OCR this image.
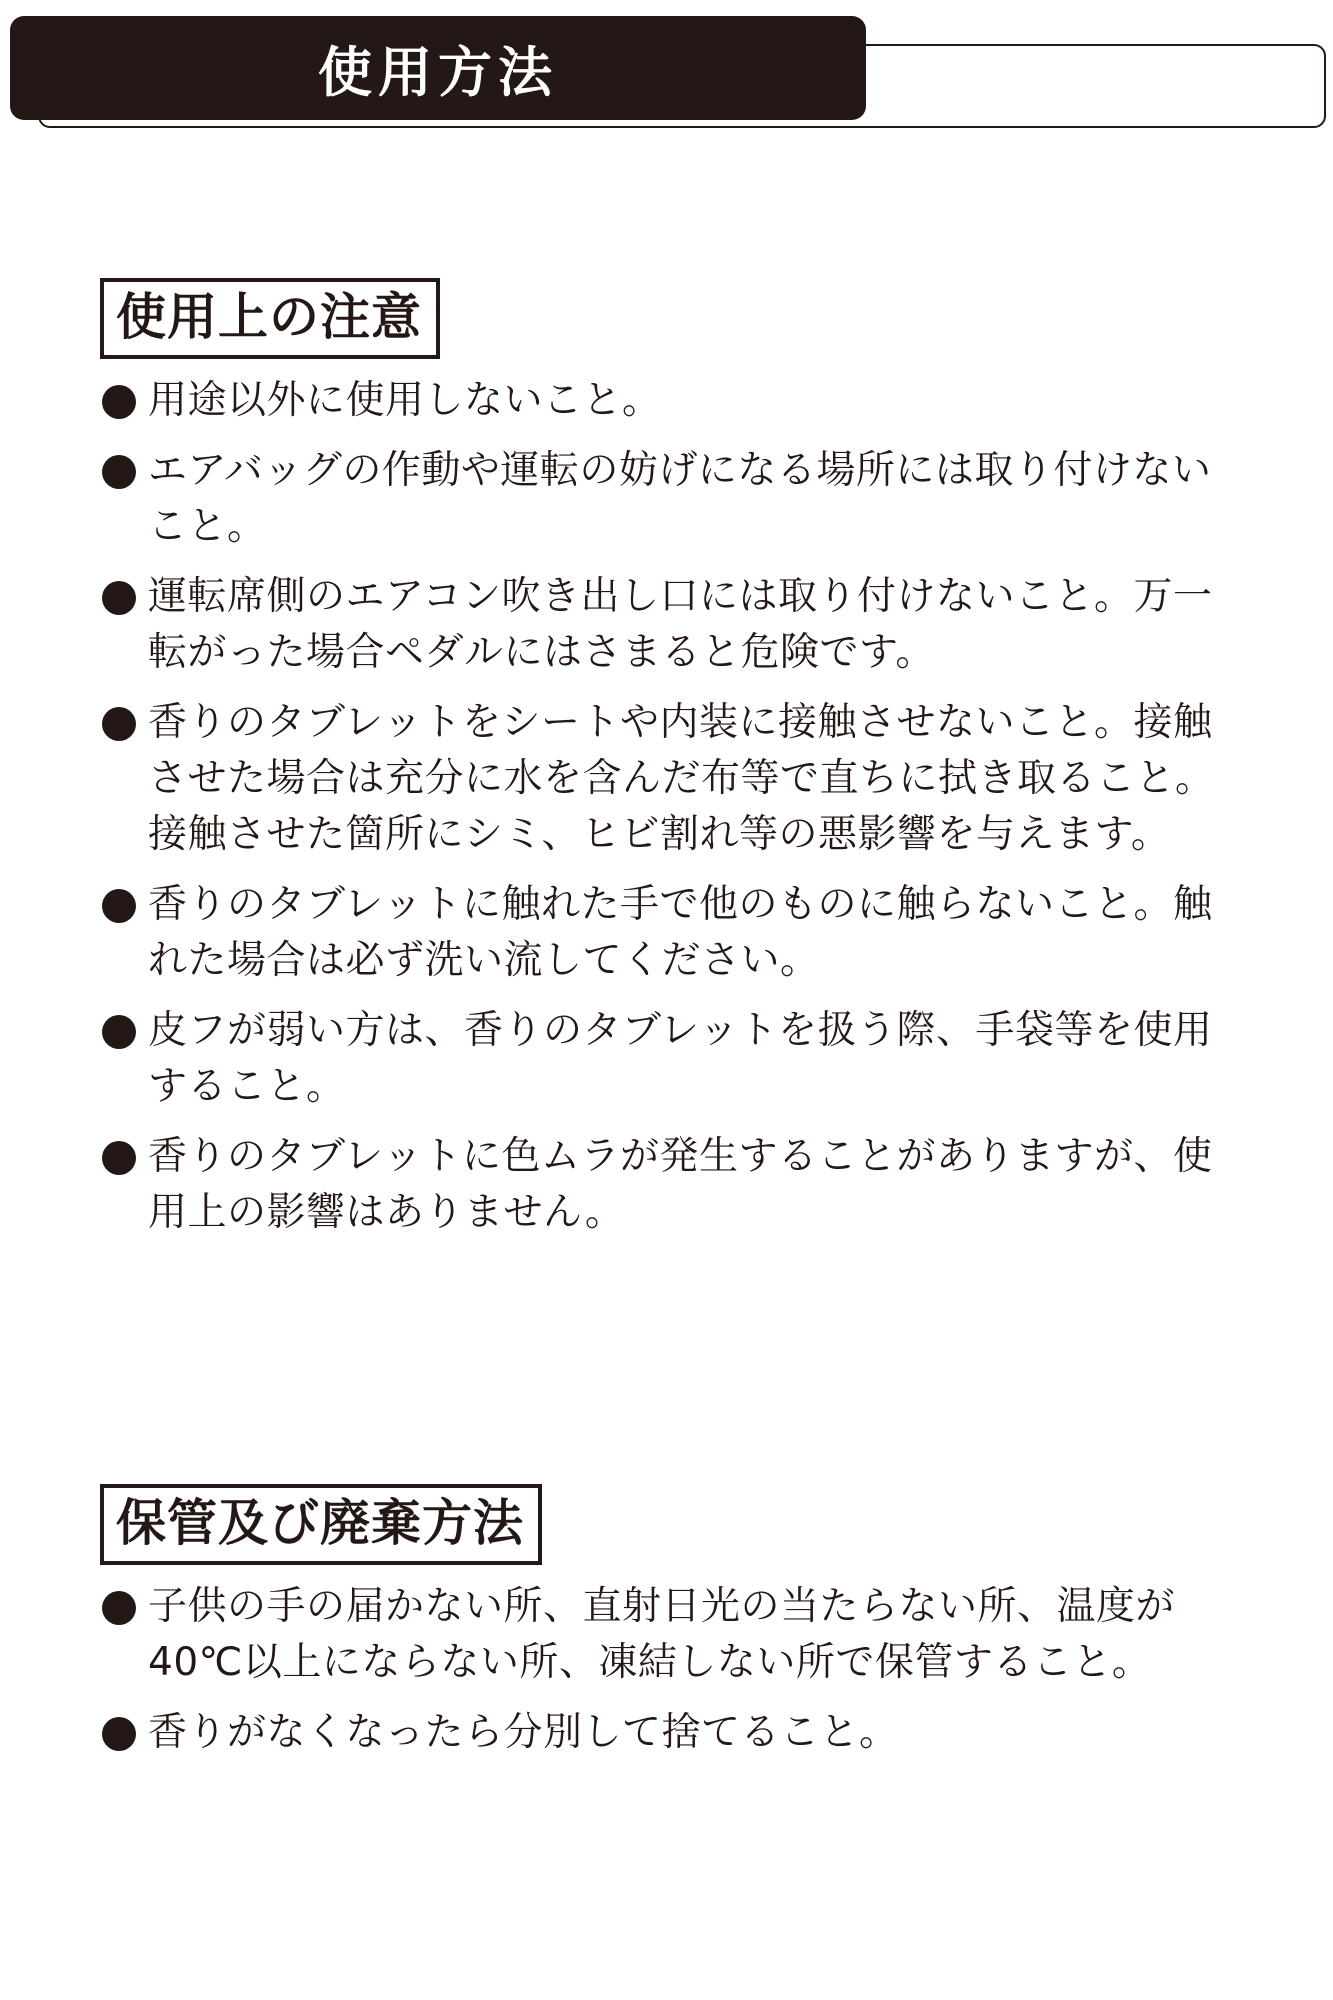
使用方法
使用上の注意
用途以外に使用しないこと。
エアバッグの作動や運転の妨げになる場所には取り付けないこと。
運転席側のエアコン吹き出し口には取り付けないこと。万一転がった場合ペダルにはさまると危険です。
香りのタブレットをシートや内装に接触させないこと。接触させた場合は充分に水を含んだ布等で直ちに拭き取ること。接触させた箇所にシミ、ヒビ割れ等の悪影響を与えます。
香りのタブレットに触れた手で他のものに触らないこと。触れた場合は必ず洗い流してください。
皮フが弱い方は、香りのタブレットを扱う際、手袋等を使用すること。
香りのタブレットに色ムラが発生することがありますが、使用上の影響はありません。
保管及び廃棄方法
子供の手の届かない所、直射日光の当たらない所、温度が40℃以上にならない所、凍結しない所で保管すること。
香りがなくなったら分別して捨てること。
